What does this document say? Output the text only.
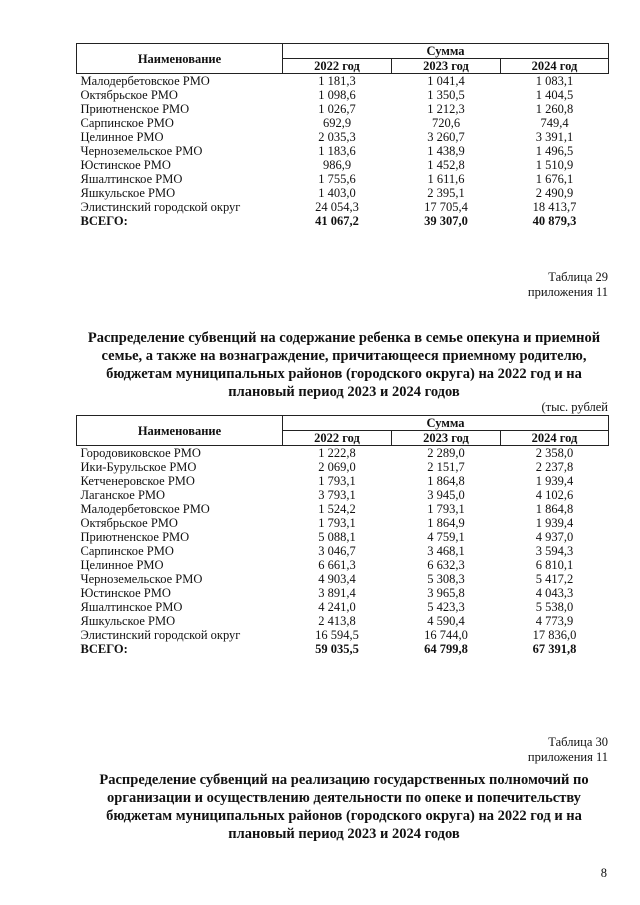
Наименование	Сумма		
	2022 год	2023 год	2024 год
Малодербетовское РМО	1 181,3	1 041,4	1 083,1
Октябрьское РМО	1 098,6	1 350,5	1 404,5
Приютненское РМО	1 026,7	1 212,3	1 260,8
Сарпинское РМО	692,9	720,6	749,4
Целинное РМО	2 035,3	3 260,7	3 391,1
Черноземельское РМО	1 183,6	1 438,9	1 496,5
Юстинское РМО	986,9	1 452,8	1 510,9
Яшалтинское РМО	1 755,6	1 611,6	1 676,1
Яшкульское РМО	1 403,0	2 395,1	2 490,9
Элистинский городской округ	24 054,3	17 705,4	18 413,7
ВСЕГО:	41 067,2	39 307,0	40 879,3
Таблица 29
приложения 11
Распределение субвенций на содержание ребенка в семье опекуна и приемной семье, а также на вознаграждение, причитающееся приемному родителю, бюджетам муниципальных районов (городского округа) на 2022 год и на плановый период 2023 и 2024 годов
(тыс. рублей
Наименование	Сумма		
	2022 год	2023 год	2024 год
Городовиковское РМО	1 222,8	2 289,0	2 358,0
Ики-Бурульское РМО	2 069,0	2 151,7	2 237,8
Кетченеровское РМО	1 793,1	1 864,8	1 939,4
Лаганское РМО	3 793,1	3 945,0	4 102,6
Малодербетовское РМО	1 524,2	1 793,1	1 864,8
Октябрьское РМО	1 793,1	1 864,9	1 939,4
Приютненское РМО	5 088,1	4 759,1	4 937,0
Сарпинское РМО	3 046,7	3 468,1	3 594,3
Целинное РМО	6 661,3	6 632,3	6 810,1
Черноземельское РМО	4 903,4	5 308,3	5 417,2
Юстинское РМО	3 891,4	3 965,8	4 043,3
Яшалтинское РМО	4 241,0	5 423,3	5 538,0
Яшкульское РМО	2 413,8	4 590,4	4 773,9
Элистинский городской округ	16 594,5	16 744,0	17 836,0
ВСЕГО:	59 035,5	64 799,8	67 391,8
Таблица 30
приложения 11
Распределение субвенций на реализацию государственных полномочий по организации и осуществлению деятельности по опеке и попечительству бюджетам муниципальных районов (городского округа) на 2022 год и на плановый период 2023 и 2024 годов
8
